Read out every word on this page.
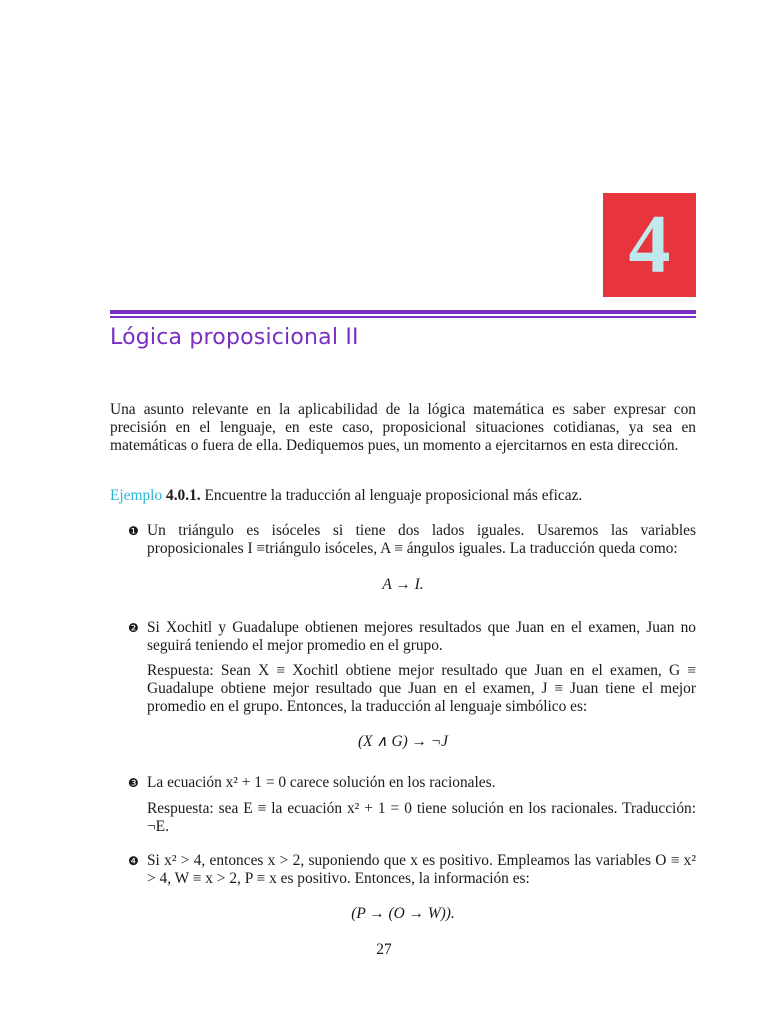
4
Lógica proposicional II

Una asunto relevante en la aplicabilidad de la lógica matemática es saber expresar con precisión en el lenguaje, en este caso, proposicional situaciones cotidianas, ya sea en matemáticas o fuera de ella. Dediquemos pues, un momento a ejercitarnos en esta dirección.

Ejemplo 4.0.1. Encuentre la traducción al lenguaje proposicional más eficaz.

❶ Un triángulo es isóceles si tiene dos lados iguales. Usaremos las variables proposicionales I ≡triángulo isóceles, A ≡ ángulos iguales. La traducción queda como:

A → I.
❷ Si Xochitl y Guadalupe obtienen mejores resultados que Juan en el examen, Juan no seguirá teniendo el mejor promedio en el grupo.

Respuesta: Sean X ≡ Xochitl obtiene mejor resultado que Juan en el examen, G ≡ Guadalupe obtiene mejor resultado que Juan en el examen, J ≡ Juan tiene el mejor promedio en el grupo. Entonces, la traducción al lenguaje simbólico es:

(X ∧ G) → ¬J
❸ La ecuación x² + 1 = 0 carece solución en los racionales.

Respuesta: sea E ≡ la ecuación x² + 1 = 0 tiene solución en los racionales. Traducción: ¬E.

❹ Si x² > 4, entonces x > 2, suponiendo que x es positivo. Empleamos las variables O ≡ x² > 4, W ≡ x > 2, P ≡ x es positivo. Entonces, la información es:

(P → (O → W)).
27
